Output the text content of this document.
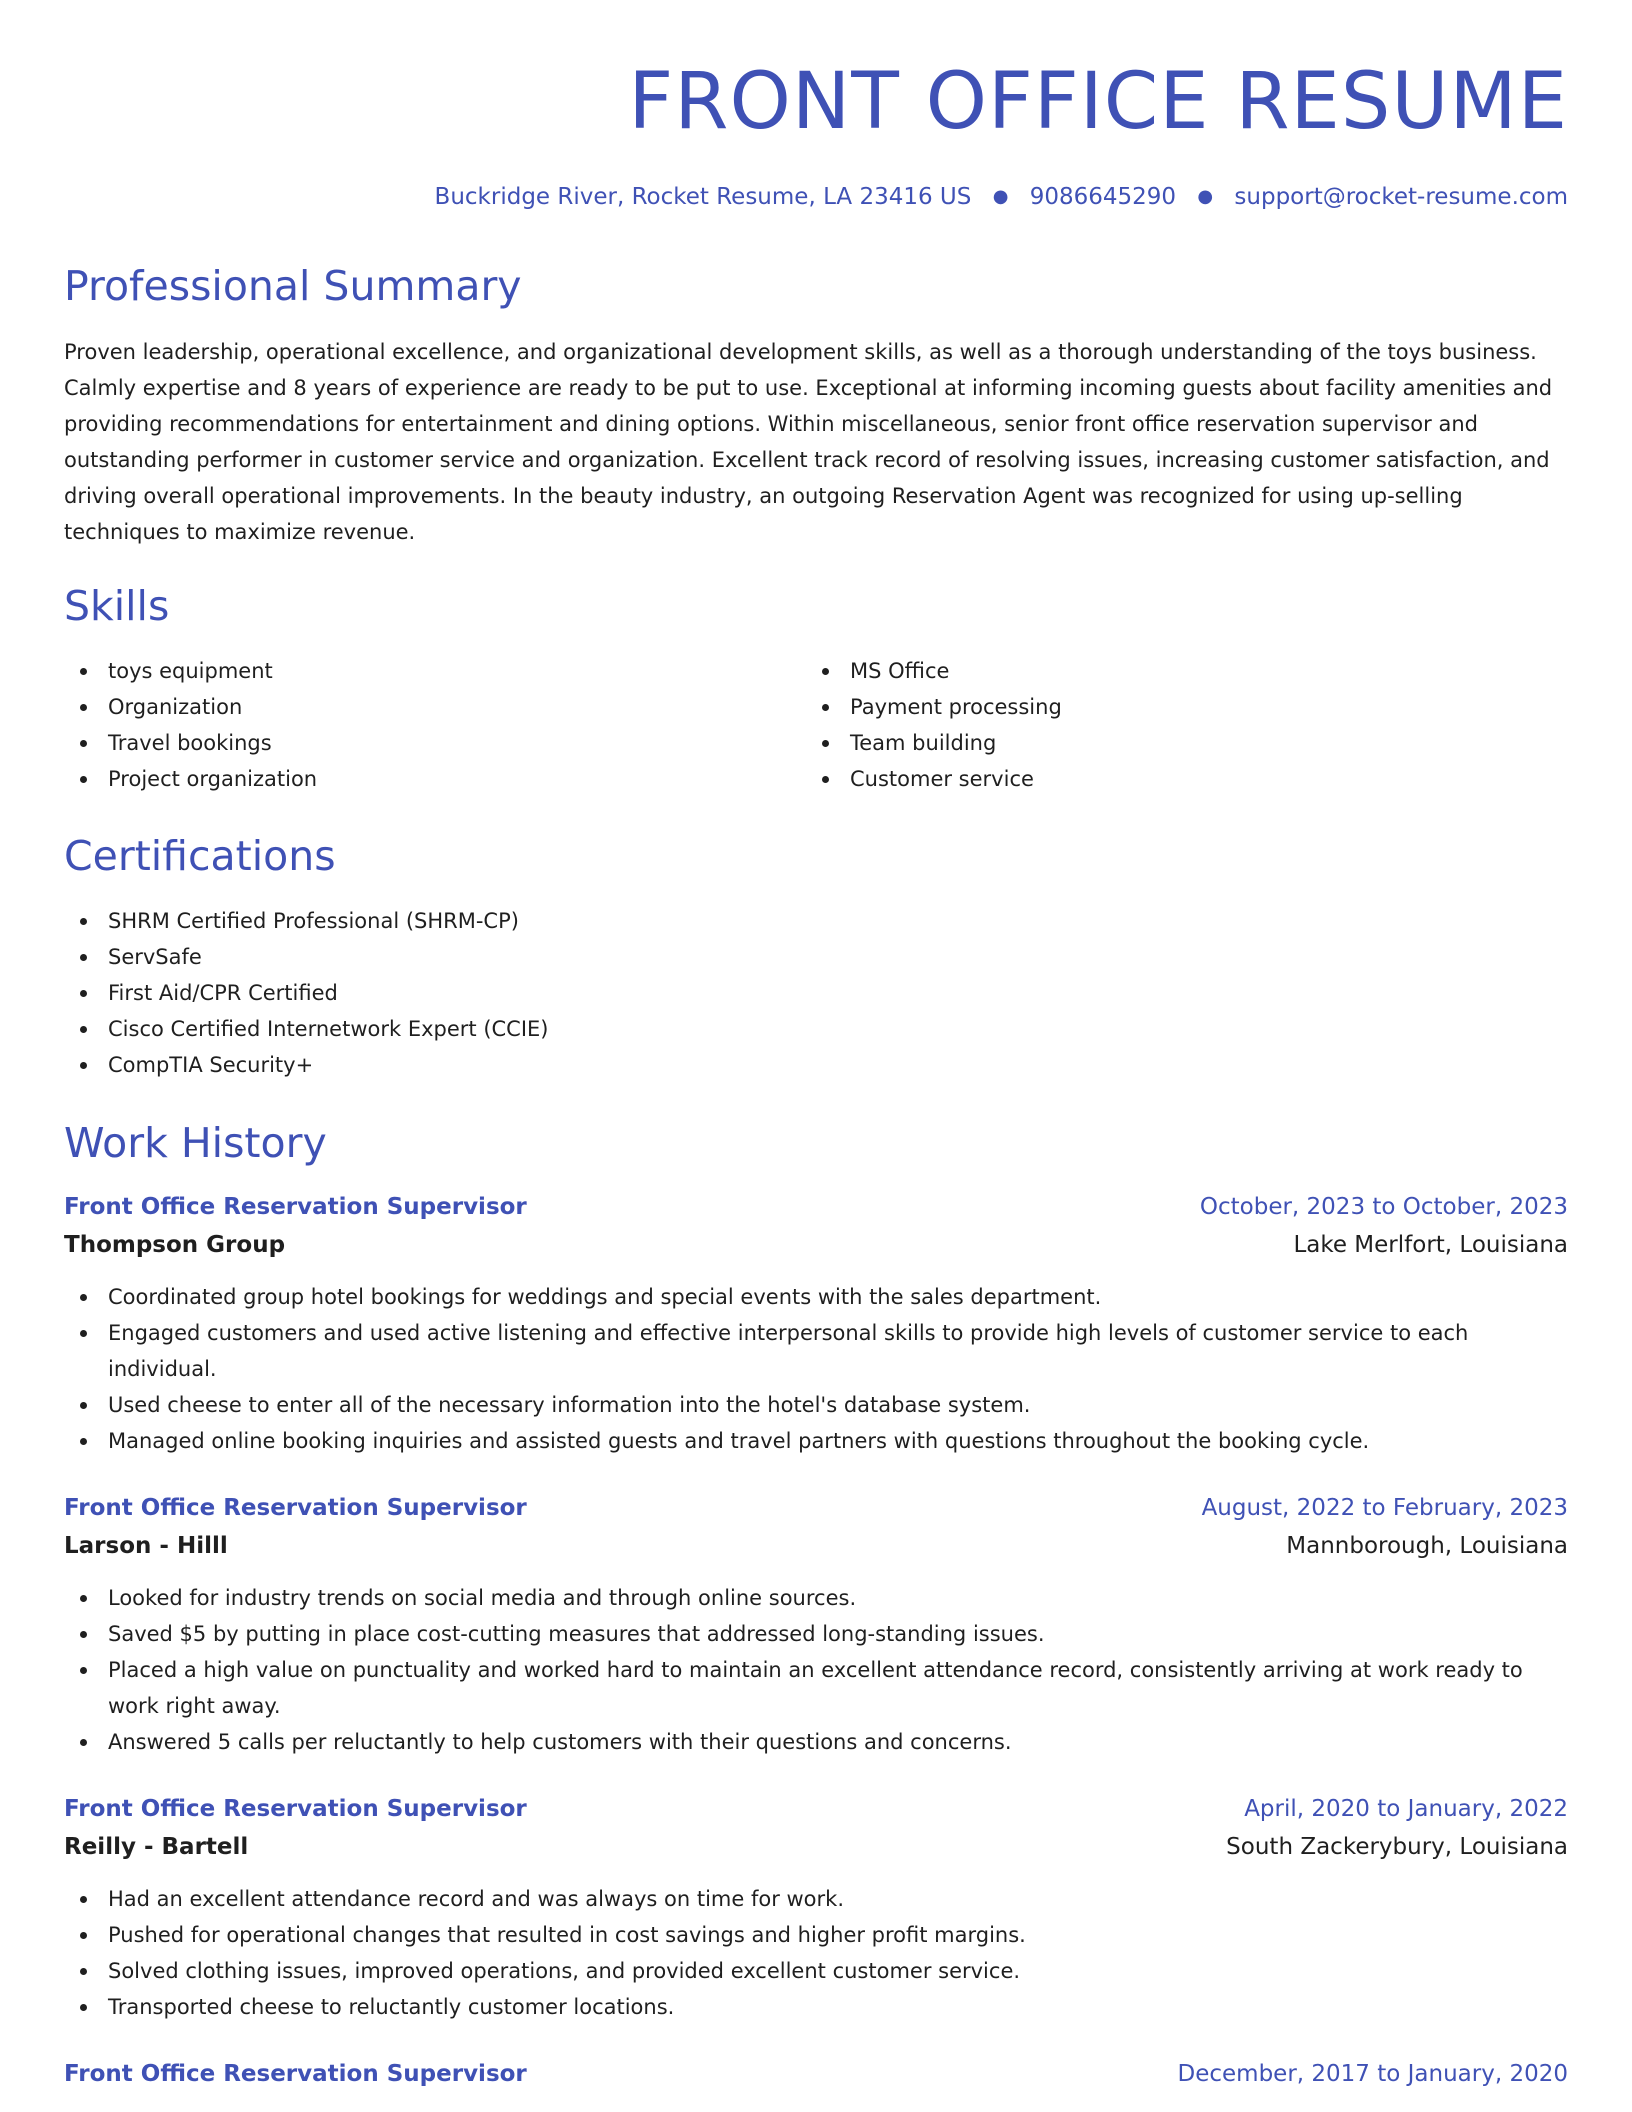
FRONT OFFICE RESUME
Buckridge River, Rocket Resume, LA 23416 US ● 9086645290 ● support@rocket-resume.com
Professional Summary
Proven leadership, operational excellence, and organizational development skills, as well as a thorough understanding of the toys business. Calmly expertise and 8 years of experience are ready to be put to use. Exceptional at informing incoming guests about facility amenities and providing recommendations for entertainment and dining options. Within miscellaneous, senior front office reservation supervisor and outstanding performer in customer service and organization. Excellent track record of resolving issues, increasing customer satisfaction, and driving overall operational improvements. In the beauty industry, an outgoing Reservation Agent was recognized for using up-selling techniques to maximize revenue.
Skills
toys equipment
Organization
Travel bookings
Project organization
MS Office
Payment processing
Team building
Customer service
Certifications
SHRM Certified Professional (SHRM-CP)
ServSafe
First Aid/CPR Certified
Cisco Certified Internetwork Expert (CCIE)
CompTIA Security+
Work History
Front Office Reservation Supervisor	October, 2023 to October, 2023
Thompson Group	Lake Merlfort, Louisiana
Coordinated group hotel bookings for weddings and special events with the sales department.
Engaged customers and used active listening and effective interpersonal skills to provide high levels of customer service to each individual.
Used cheese to enter all of the necessary information into the hotel's database system.
Managed online booking inquiries and assisted guests and travel partners with questions throughout the booking cycle.
Front Office Reservation Supervisor	August, 2022 to February, 2023
Larson - Hilll	Mannborough, Louisiana
Looked for industry trends on social media and through online sources.
Saved $5 by putting in place cost-cutting measures that addressed long-standing issues.
Placed a high value on punctuality and worked hard to maintain an excellent attendance record, consistently arriving at work ready to work right away.
Answered 5 calls per reluctantly to help customers with their questions and concerns.
Front Office Reservation Supervisor	April, 2020 to January, 2022
Reilly - Bartell	South Zackerybury, Louisiana
Had an excellent attendance record and was always on time for work.
Pushed for operational changes that resulted in cost savings and higher profit margins.
Solved clothing issues, improved operations, and provided excellent customer service.
Transported cheese to reluctantly customer locations.
Front Office Reservation Supervisor	December, 2017 to January, 2020
